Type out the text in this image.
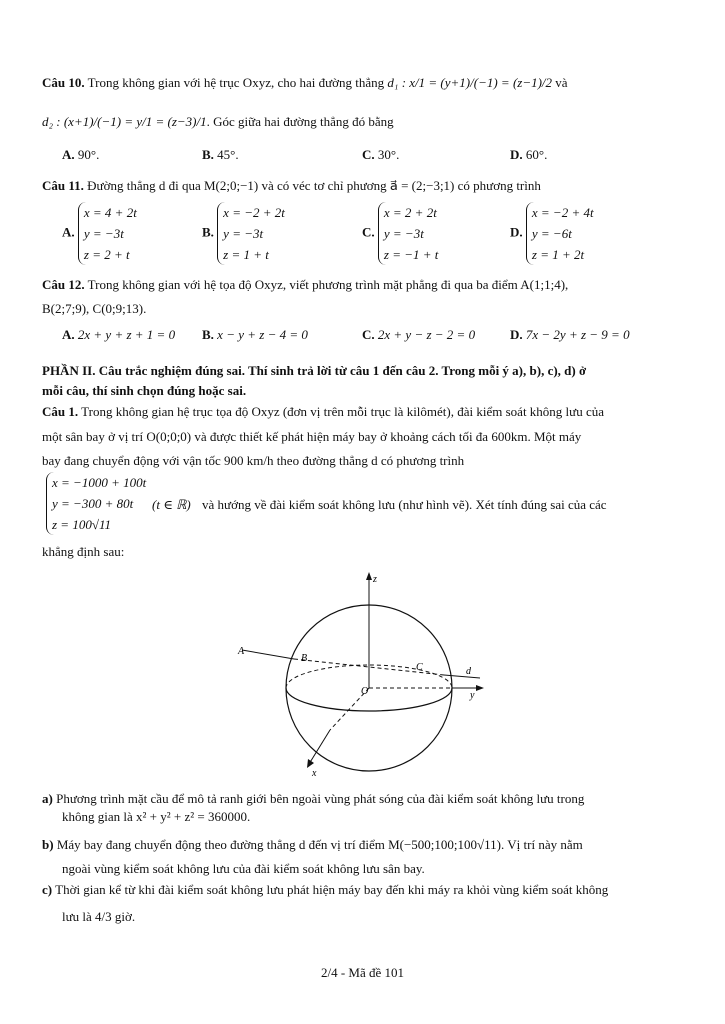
Câu 10. Trong không gian với hệ trục Oxyz, cho hai đường thẳng d₁ : x/1 = (y+1)/(−1) = (z−1)/2 và
d₂ : (x+1)/(−1) = y/1 = (z−3)/1. Góc giữa hai đường thẳng đó bằng
A. 90°.	B. 45°.	C. 30°.	D. 60°.
Câu 11. Đường thẳng d đi qua M(2;0;−1) và có véc tơ chỉ phương a⃗ = (2;−3;1) có phương trình
A.
x = 4 + 2t
y = −3t
z = 2 + t
B.
x = −2 + 2t
y = −3t
z = 1 + t
C.
x = 2 + 2t
y = −3t
z = −1 + t
D.
x = −2 + 4t
y = −6t
z = 1 + 2t
Câu 12. Trong không gian với hệ tọa độ Oxyz, viết phương trình mặt phẳng đi qua ba điểm A(1;1;4),
B(2;7;9), C(0;9;13).
A. 2x + y + z + 1 = 0 B. x − y + z − 4 = 0	C. 2x + y − z − 2 = 0	D. 7x − 2y + z − 9 = 0
PHẦN II. Câu trắc nghiệm đúng sai. Thí sinh trả lời từ câu 1 đến câu 2. Trong mỗi ý a), b), c), d) ở
mỗi câu, thí sinh chọn đúng hoặc sai.
Câu 1. Trong không gian hệ trục tọa độ Oxyz (đơn vị trên mỗi trục là kilômét), đài kiểm soát không lưu của
một sân bay ở vị trí O(0;0;0) và được thiết kế phát hiện máy bay ở khoảng cách tối đa 600km. Một máy
bay đang chuyển động với vận tốc 900 km/h theo đường thẳng d có phương trình
x = −1000 + 100t
y = −300 + 80t
z = 100√11
(t ∈ ℝ) và hướng về đài kiểm soát không lưu (như hình vẽ). Xét tính đúng sai của các
khẳng định sau:
z
y
x
O
A
B
C	d
a) Phương trình mặt cầu để mô tả ranh giới bên ngoài vùng phát sóng của đài kiểm soát không lưu trong
không gian là x² + y² + z² = 360000.
b) Máy bay đang chuyển động theo đường thẳng d đến vị trí điểm M(−500;100;100√11). Vị trí này nằm
ngoài vùng kiểm soát không lưu của đài kiểm soát không lưu sân bay.
c) Thời gian kể từ khi đài kiểm soát không lưu phát hiện máy bay đến khi máy ra khỏi vùng kiểm soát không
lưu là 4/3 giờ.
2/4 - Mã đề 101
